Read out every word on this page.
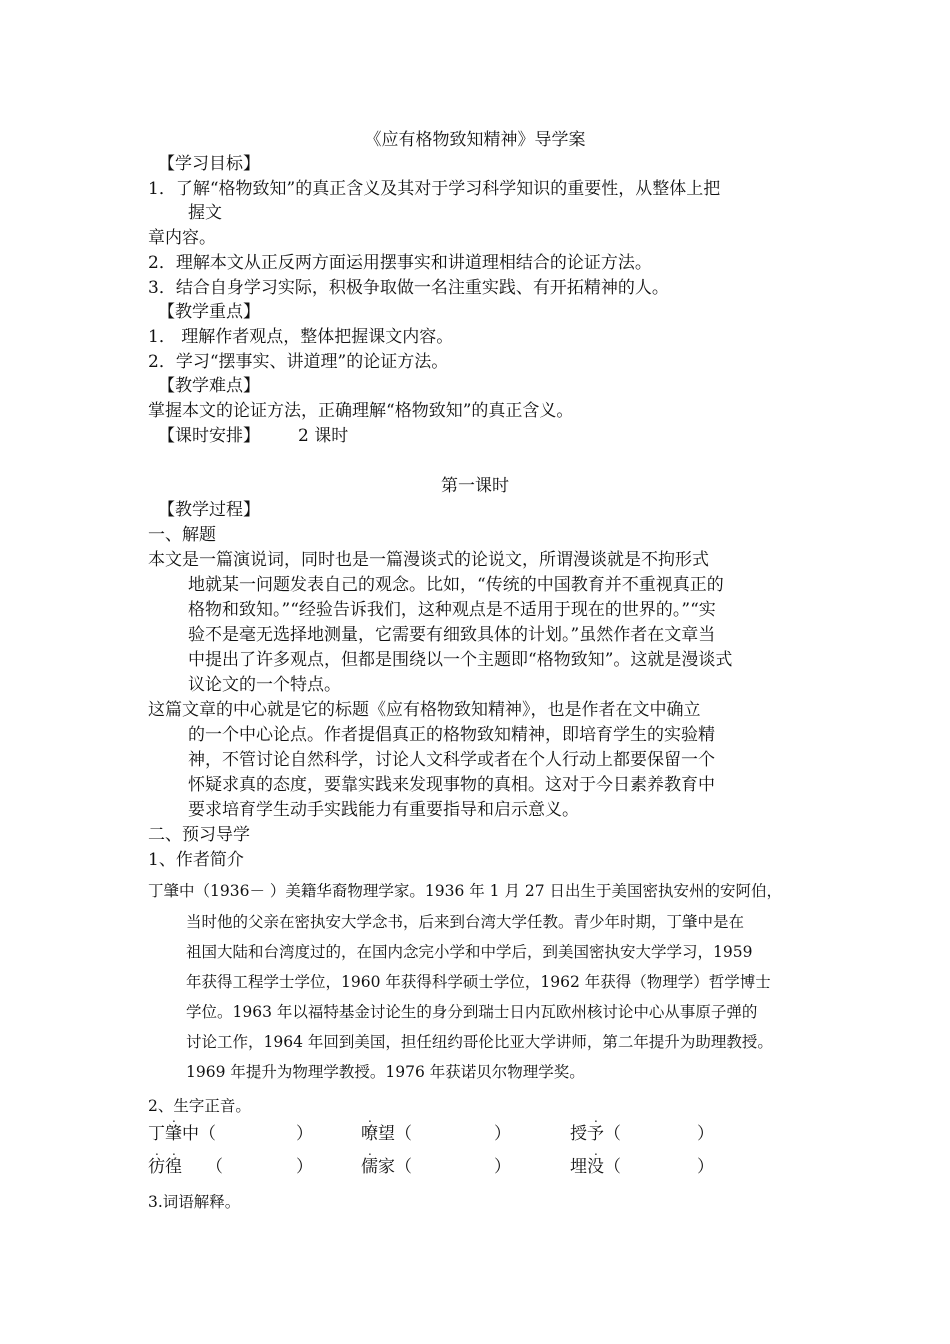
《应有格物致知精神》导学案
【学习目标】
1．了解“格物致知”的真正含义及其对于学习科学知识的重要性，从整体上把
握文
章内容。
2．理解本文从正反两方面运用摆事实和讲道理相结合的论证方法。
3．结合自身学习实际，积极争取做一名注重实践、有开拓精神的人。
【教学重点】
1． 理解作者观点，整体把握课文内容。
2．学习“摆事实、讲道理”的论证方法。
【教学难点】
掌握本文的论证方法，正确理解“格物致知”的真正含义。
【课时安排】 2 课时
第一课时
【教学过程】
一、解题
本文是一篇演说词，同时也是一篇漫谈式的论说文，所谓漫谈就是不拘形式
地就某一问题发表自己的观念。比如，“传统的中国教育并不重视真正的
格物和致知。”“经验告诉我们，这种观点是不适用于现在的世界的。”“实
验不是毫无选择地测量，它需要有细致具体的计划。”虽然作者在文章当
中提出了许多观点，但都是围绕以一个主题即“格物致知”。这就是漫谈式
议论文的一个特点。
这篇文章的中心就是它的标题《应有格物致知精神》，也是作者在文中确立
的一个中心论点。作者提倡真正的格物致知精神，即培育学生的实验精
神，不管讨论自然科学，讨论人文科学或者在个人行动上都要保留一个
怀疑求真的态度，要靠实践来发现事物的真相。这对于今日素养教育中
要求培育学生动手实践能力有重要指导和启示意义。
二、预习导学
1、作者简介
丁肇中（1936－ ）美籍华裔物理学家。1936 年 1 月 27 日出生于美国密执安州的安阿伯，
当时他的父亲在密执安大学念书，后来到台湾大学任教。青少年时期，丁肇中是在
祖国大陆和台湾度过的，在国内念完小学和中学后，到美国密执安大学学习，1959
年获得工程学士学位，1960 年获得科学硕士学位，1962 年获得（物理学）哲学博士
学位。1963 年以福特基金讨论生的身分到瑞士日内瓦欧州核讨论中心从事原子弹的
讨论工作，1964 年回到美国，担任纽约哥伦比亚大学讲师，第二年提升为助理教授。
1969 年提升为物理学教授。1976 年获诺贝尔物理学奖。
2、生字正音。
.	.	.
丁肇中（	）	嘹望（	）	授予（	）
. .	.	.
彷徨 （	）	儒家（	）	埋没（	）
3.词语解释。
